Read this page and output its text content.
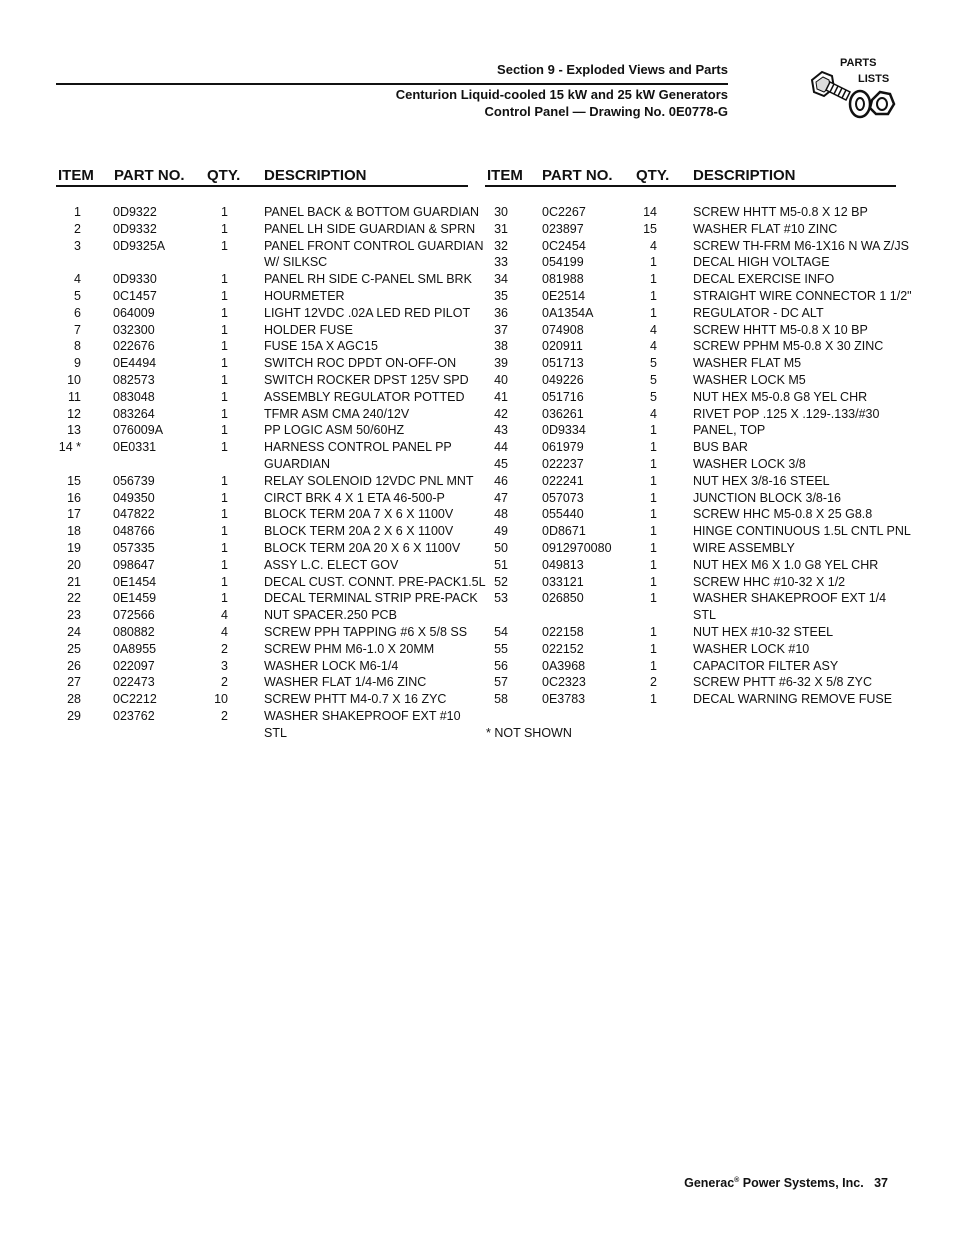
Section 9 - Exploded Views and Parts
Centurion Liquid-cooled 15 kW and 25 kW Generators
Control Panel — Drawing No. 0E0778-G
PARTS
LISTS
ITEM PART NO. QTY. DESCRIPTION	ITEM PART NO. QTY. DESCRIPTION
1	0D9322	1	PANEL BACK & BOTTOM GUARDIAN
2	0D9332	1	PANEL LH SIDE GUARDIAN & SPRN
3	0D9325A	1	PANEL FRONT CONTROL GUARDIAN
W/ SILKSC
4	0D9330	1	PANEL RH SIDE C-PANEL SML BRK
5	0C1457	1	HOURMETER
6	064009	1	LIGHT 12VDC .02A LED RED PILOT
7	032300	1	HOLDER FUSE
8	022676	1	FUSE 15A X AGC15
9	0E4494	1	SWITCH ROC DPDT ON-OFF-ON
10	082573	1	SWITCH ROCKER DPST 125V SPD
11	083048	1	ASSEMBLY REGULATOR POTTED
12	083264	1	TFMR ASM CMA 240/12V
13	076009A	1	PP LOGIC ASM 50/60HZ
14 *	0E0331	1	HARNESS CONTROL PANEL PP
GUARDIAN
15	056739	1	RELAY SOLENOID 12VDC PNL MNT
16	049350	1	CIRCT BRK 4 X 1 ETA 46-500-P
17	047822	1	BLOCK TERM 20A 7 X 6 X 1100V
18	048766	1	BLOCK TERM 20A 2 X 6 X 1100V
19	057335	1	BLOCK TERM 20A 20 X 6 X 1100V
20	098647	1	ASSY L.C. ELECT GOV
21	0E1454	1	DECAL CUST. CONNT. PRE-PACK1.5L
22	0E1459	1	DECAL TERMINAL STRIP PRE-PACK
23	072566	4	NUT SPACER.250 PCB
24	080882	4	SCREW PPH TAPPING #6 X 5/8 SS
25	0A8955	2	SCREW PHM M6-1.0 X 20MM
26	022097	3	WASHER LOCK M6-1/4
27	022473	2	WASHER FLAT 1/4-M6 ZINC
28	0C2212	10	SCREW PHTT M4-0.7 X 16 ZYC
29	023762	2	WASHER SHAKEPROOF EXT #10
STL
30	0C2267	14	SCREW HHTT M5-0.8 X 12 BP
31	023897	15	WASHER FLAT #10 ZINC
32	0C2454	4	SCREW TH-FRM M6-1X16 N WA Z/JS
33	054199	1	DECAL HIGH VOLTAGE
34	081988	1	DECAL EXERCISE INFO
35	0E2514	1	STRAIGHT WIRE CONNECTOR 1 1/2"
36	0A1354A	1	REGULATOR - DC ALT
37	074908	4	SCREW HHTT M5-0.8 X 10 BP
38	020911	4	SCREW PPHM M5-0.8 X 30 ZINC
39	051713	5	WASHER FLAT M5
40	049226	5	WASHER LOCK M5
41	051716	5	NUT HEX M5-0.8 G8 YEL CHR
42	036261	4	RIVET POP .125 X .129-.133/#30
43	0D9334	1	PANEL, TOP
44	061979	1	BUS BAR
45	022237	1	WASHER LOCK 3/8
46	022241	1	NUT HEX 3/8-16 STEEL
47	057073	1	JUNCTION BLOCK 3/8-16
48	055440	1	SCREW HHC M5-0.8 X 25 G8.8
49	0D8671	1	HINGE CONTINUOUS 1.5L CNTL PNL
50	0912970080	1	WIRE ASSEMBLY
51	049813	1	NUT HEX M6 X 1.0 G8 YEL CHR
52	033121	1	SCREW HHC #10-32 X 1/2
53	026850	1	WASHER SHAKEPROOF EXT 1/4
STL
54	022158	1	NUT HEX #10-32 STEEL
55	022152	1	WASHER LOCK #10
56	0A3968	1	CAPACITOR FILTER ASY
57	0C2323	2	SCREW PHTT #6-32 X 5/8 ZYC
58	0E3783	1	DECAL WARNING REMOVE FUSE
* NOT SHOWN
Generac® Power Systems, Inc. 37
